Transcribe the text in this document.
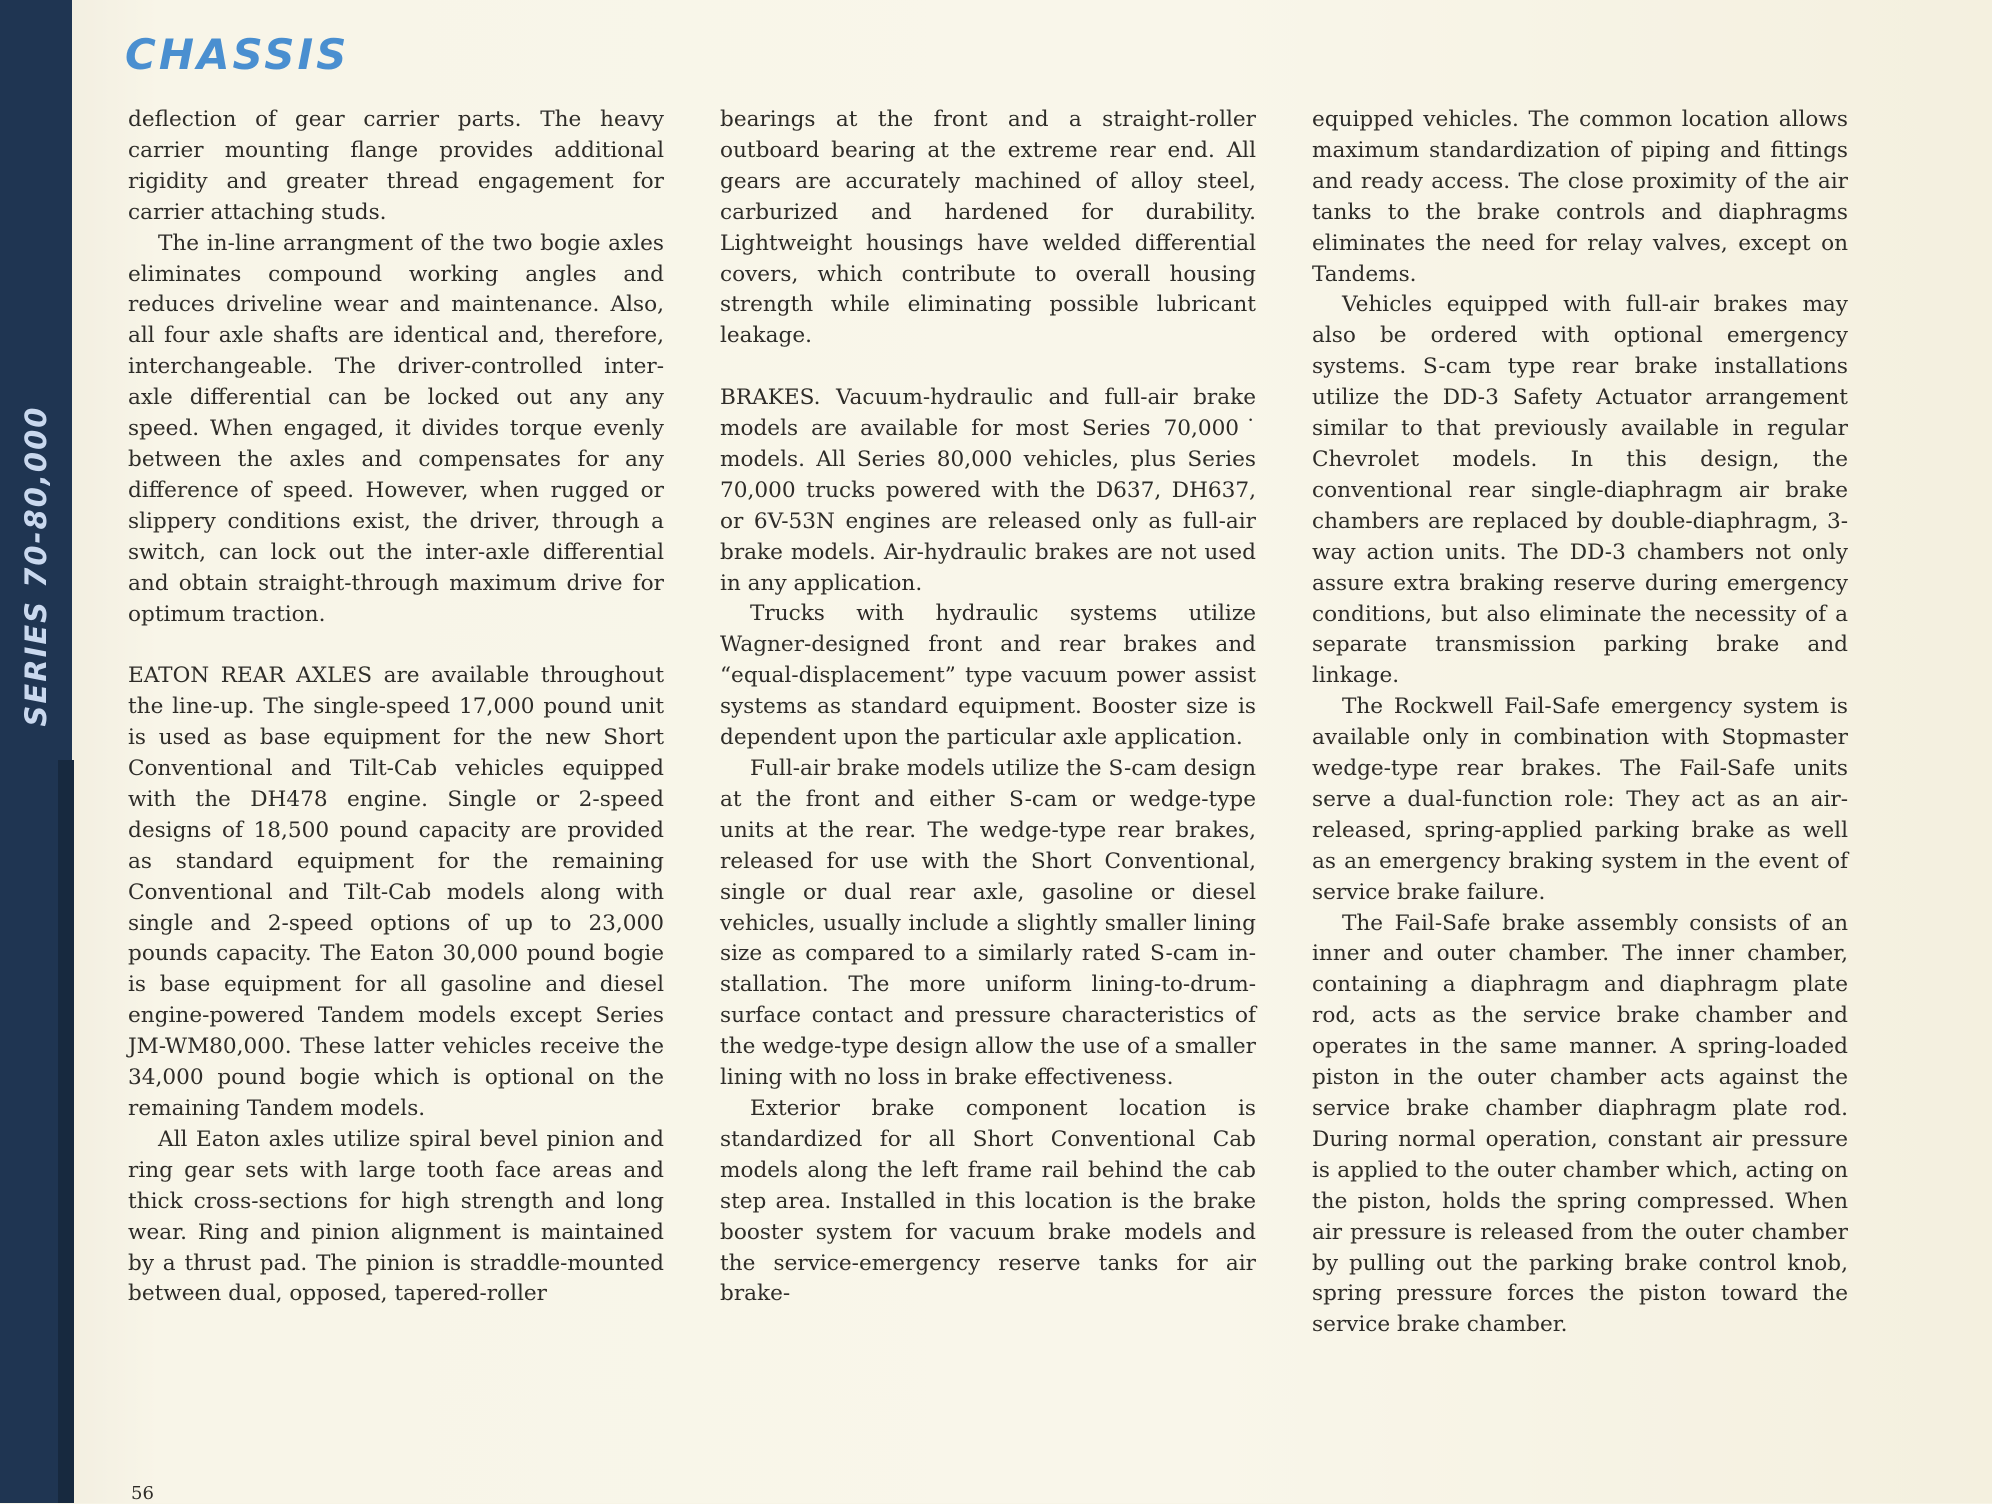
SERIES 70-80,000
CHASSIS

deflection of gear carrier parts. The heavy carrier mounting flange provides additional rigidity and greater thread engagement for carrier attaching studs.

The in-line arrangment of the two bogie axles eliminates compound working angles and reduces driveline wear and maintenance. Also, all four axle shafts are identical and, therefore, interchangeable. The driver-controlled inter-axle differential can be locked out any any speed. When engaged, it divides torque evenly between the axles and compensates for any difference of speed. However, when rugged or slippery conditions exist, the driver, through a switch, can lock out the inter-axle differential and obtain straight-through maximum drive for optimum traction.

EATON REAR AXLES are available throughout the line-up. The single-speed 17,000 pound unit is used as base equipment for the new Short Conventional and Tilt-Cab vehicles equipped with the DH478 engine. Single or 2-speed designs of 18,500 pound capacity are provided as standard equipment for the remaining Conventional and Tilt-Cab models along with single and 2-speed options of up to 23,000 pounds capacity. The Eaton 30,000 pound bogie is base equipment for all gasoline and diesel engine-powered Tandem models except Series JM-WM80,000. These latter vehicles receive the 34,000 pound bogie which is optional on the remaining Tandem models.

All Eaton axles utilize spiral bevel pinion and ring gear sets with large tooth face areas and thick cross-sections for high strength and long wear. Ring and pinion alignment is maintained by a thrust pad. The pinion is straddle-mounted between dual, opposed, tapered-roller

bearings at the front and a straight-roller outboard bearing at the extreme rear end. All gears are accurately machined of alloy steel, carburized and hardened for durability. Lightweight housings have welded differential covers, which contribute to overall housing strength while eliminating possible lubricant leakage.

BRAKES. Vacuum-hydraulic and full-air brake models are available for most Series 70,000˙ models. All Series 80,000 vehicles, plus Series 70,000 trucks powered with the D637, DH637, or 6V-53N engines are released only as full-air brake models. Air-hydraulic brakes are not used in any application.

Trucks with hydraulic systems utilize Wagner-designed front and rear brakes and “equal-displacement” type vacuum power assist systems as standard equipment. Booster size is dependent upon the particular axle application.

Full-air brake models utilize the S-cam design at the front and either S-cam or wedge-type units at the rear. The wedge-type rear brakes, released for use with the Short Conventional, single or dual rear axle, gasoline or diesel vehicles, usually include a slightly smaller lining size as compared to a similarly rated S-cam installation. The more uniform lining-to-drum-surface contact and pressure characteristics of the wedge-type design allow the use of a smaller lining with no loss in brake effectiveness.

Exterior brake component location is standardized for all Short Conventional Cab models along the left frame rail behind the cab step area. Installed in this location is the brake booster system for vacuum brake models and the service-emergency reserve tanks for air brake-

equipped vehicles. The common location allows maximum standardization of piping and fittings and ready access. The close proximity of the air tanks to the brake controls and diaphragms eliminates the need for relay valves, except on Tandems.

Vehicles equipped with full-air brakes may also be ordered with optional emergency systems. S-cam type rear brake installations utilize the DD-3 Safety Actuator arrangement similar to that previously available in regular Chevrolet models. In this design, the conventional rear single-diaphragm air brake chambers are replaced by double-diaphragm, 3-way action units. The DD-3 chambers not only assure extra braking reserve during emergency conditions, but also eliminate the necessity of a separate transmission parking brake and linkage.

The Rockwell Fail-Safe emergency system is available only in combination with Stopmaster wedge-type rear brakes. The Fail-Safe units serve a dual-function role: They act as an air-released, spring-applied parking brake as well as an emergency braking system in the event of service brake failure.

The Fail-Safe brake assembly consists of an inner and outer chamber. The inner chamber, containing a diaphragm and diaphragm plate rod, acts as the service brake chamber and operates in the same manner. A spring-loaded piston in the outer chamber acts against the service brake chamber diaphragm plate rod. During normal operation, constant air pressure is applied to the outer chamber which, acting on the piston, holds the spring compressed. When air pressure is released from the outer chamber by pulling out the parking brake control knob, spring pressure forces the piston toward the service brake chamber.

56
